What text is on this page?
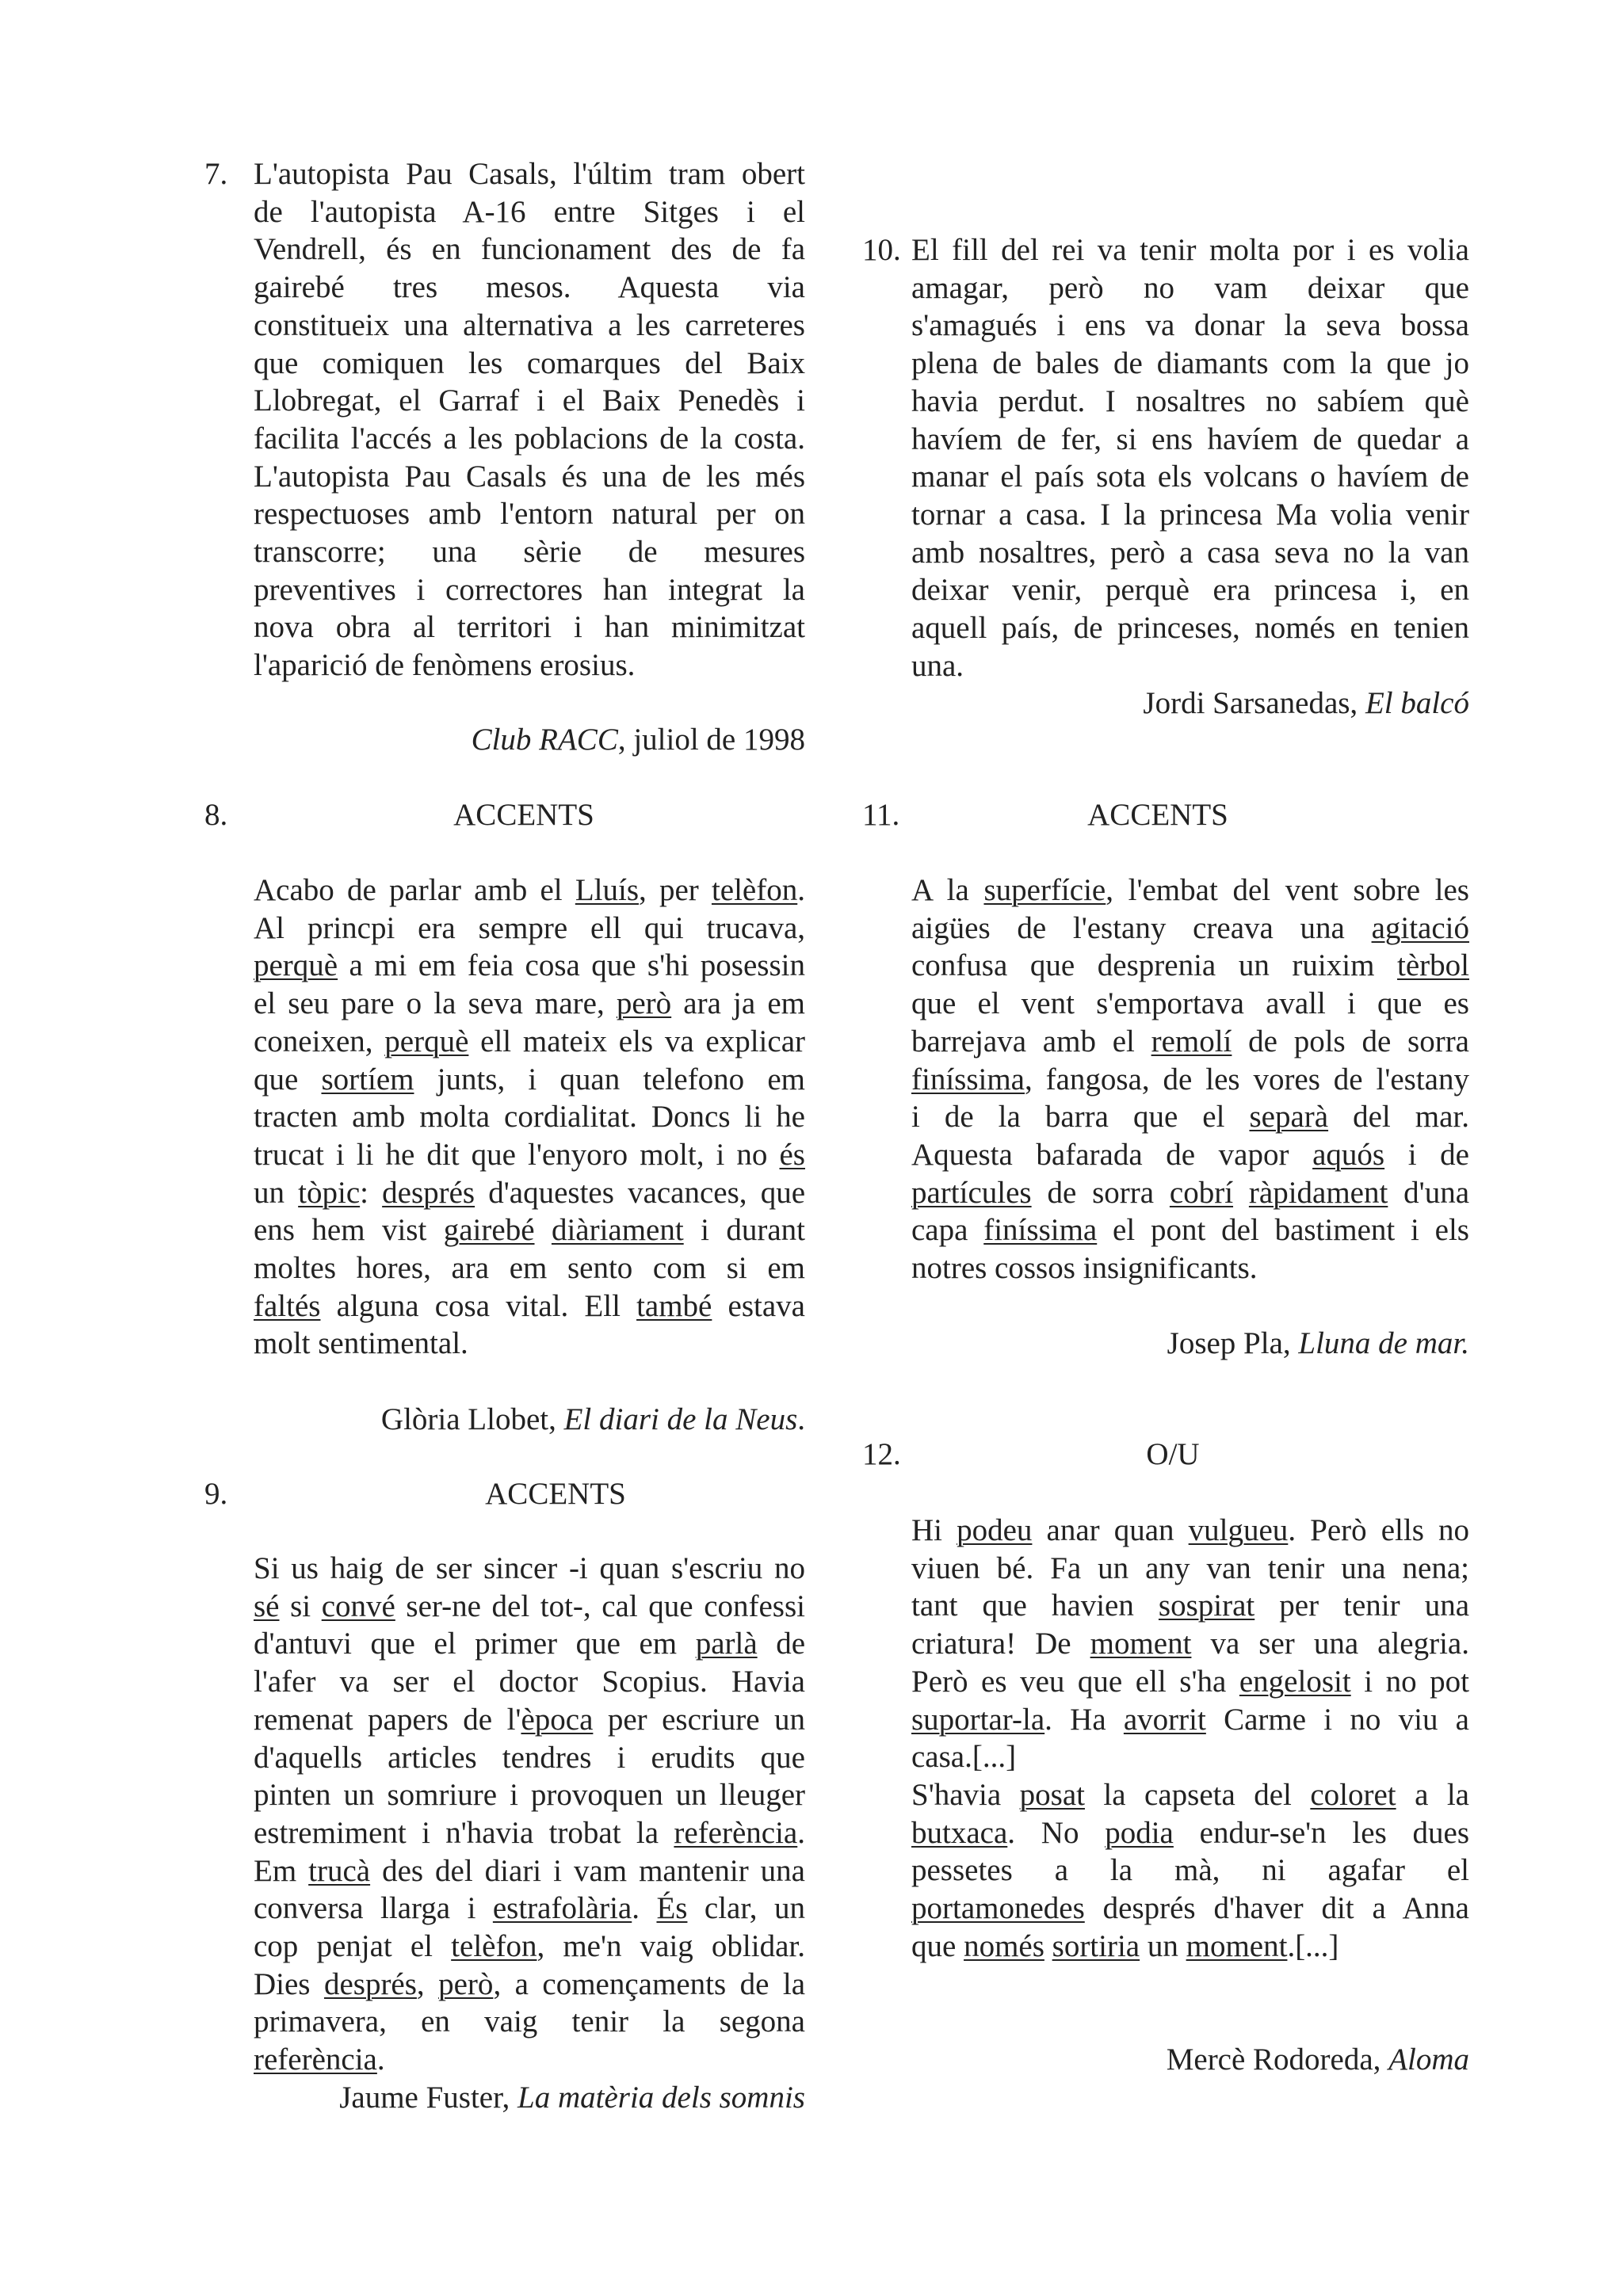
7. L'autopista Pau Casals, l'últim tram obert
de l'autopista A-16 entre Sitges i el
Vendrell, és en funcionament des de fa
gairebé tres mesos. Aquesta via
constitueix una alternativa a les carreteres
que comiquen les comarques del Baix
Llobregat, el Garraf i el Baix Penedès i
facilita l'accés a les poblacions de la costa.
L'autopista Pau Casals és una de les més
respectuoses amb l'entorn natural per on
transcorre; una sèrie de mesures
preventives i correctores han integrat la
nova obra al territori i han minimitzat
l'aparició de fenòmens erosius.
Club RACC, juliol de 1998
8.	ACCENTS
Acabo de parlar amb el Lluís, per telèfon.
Al princpi era sempre ell qui trucava,
perquè a mi em feia cosa que s'hi posessin
el seu pare o la seva mare, però ara ja em
coneixen, perquè ell mateix els va explicar
que sortíem junts, i quan telefono em
tracten amb molta cordialitat. Doncs li he
trucat i li he dit que l'enyoro molt, i no és
un tòpic: després d'aquestes vacances, que
ens hem vist gairebé diàriament i durant
moltes hores, ara em sento com si em
faltés alguna cosa vital. Ell també estava
molt sentimental.
Glòria Llobet, El diari de la Neus.
9.	ACCENTS
Si us haig de ser sincer -i quan s'escriu no
sé si convé ser-ne del tot-, cal que confessi
d'antuvi que el primer que em parlà de
l'afer va ser el doctor Scopius. Havia
remenat papers de l'època per escriure un
d'aquells articles tendres i erudits que
pinten un somriure i provoquen un lleuger
estremiment i n'havia trobat la referència.
Em trucà des del diari i vam mantenir una
conversa llarga i estrafolària. És clar, un
cop penjat el telèfon, me'n vaig oblidar.
Dies després, però, a començaments de la
primavera, en vaig tenir la segona
referència.
Jaume Fuster, La matèria dels somnis
10. El fill del rei va tenir molta por i es volia
amagar, però no vam deixar que
s'amagués i ens va donar la seva bossa
plena de bales de diamants com la que jo
havia perdut. I nosaltres no sabíem què
havíem de fer, si ens havíem de quedar a
manar el país sota els volcans o havíem de
tornar a casa. I la princesa Ma volia venir
amb nosaltres, però a casa seva no la van
deixar venir, perquè era princesa i, en
aquell país, de princeses, només en tenien
una.
Jordi Sarsanedas, El balcó
11.	ACCENTS
A la superfície, l'embat del vent sobre les
aigües de l'estany creava una agitació
confusa que desprenia un ruixim tèrbol
que el vent s'emportava avall i que es
barrejava amb el remolí de pols de sorra
finíssima, fangosa, de les vores de l'estany
i de la barra que el separà del mar.
Aquesta bafarada de vapor aquós i de
partícules de sorra cobrí ràpidament d'una
capa finíssima el pont del bastiment i els
notres cossos insignificants.
Josep Pla, Lluna de mar.
12.	O/U
Hi podeu anar quan vulgueu. Però ells no
viuen bé. Fa un any van tenir una nena;
tant que havien sospirat per tenir una
criatura! De moment va ser una alegria.
Però es veu que ell s'ha engelosit i no pot
suportar-la. Ha avorrit Carme i no viu a
casa.[...]
S'havia posat la capseta del coloret a la
butxaca. No podia endur-se'n les dues
pessetes a la mà, ni agafar el
portamonedes després d'haver dit a Anna
que només sortiria un moment.[...]
Mercè Rodoreda, Aloma
